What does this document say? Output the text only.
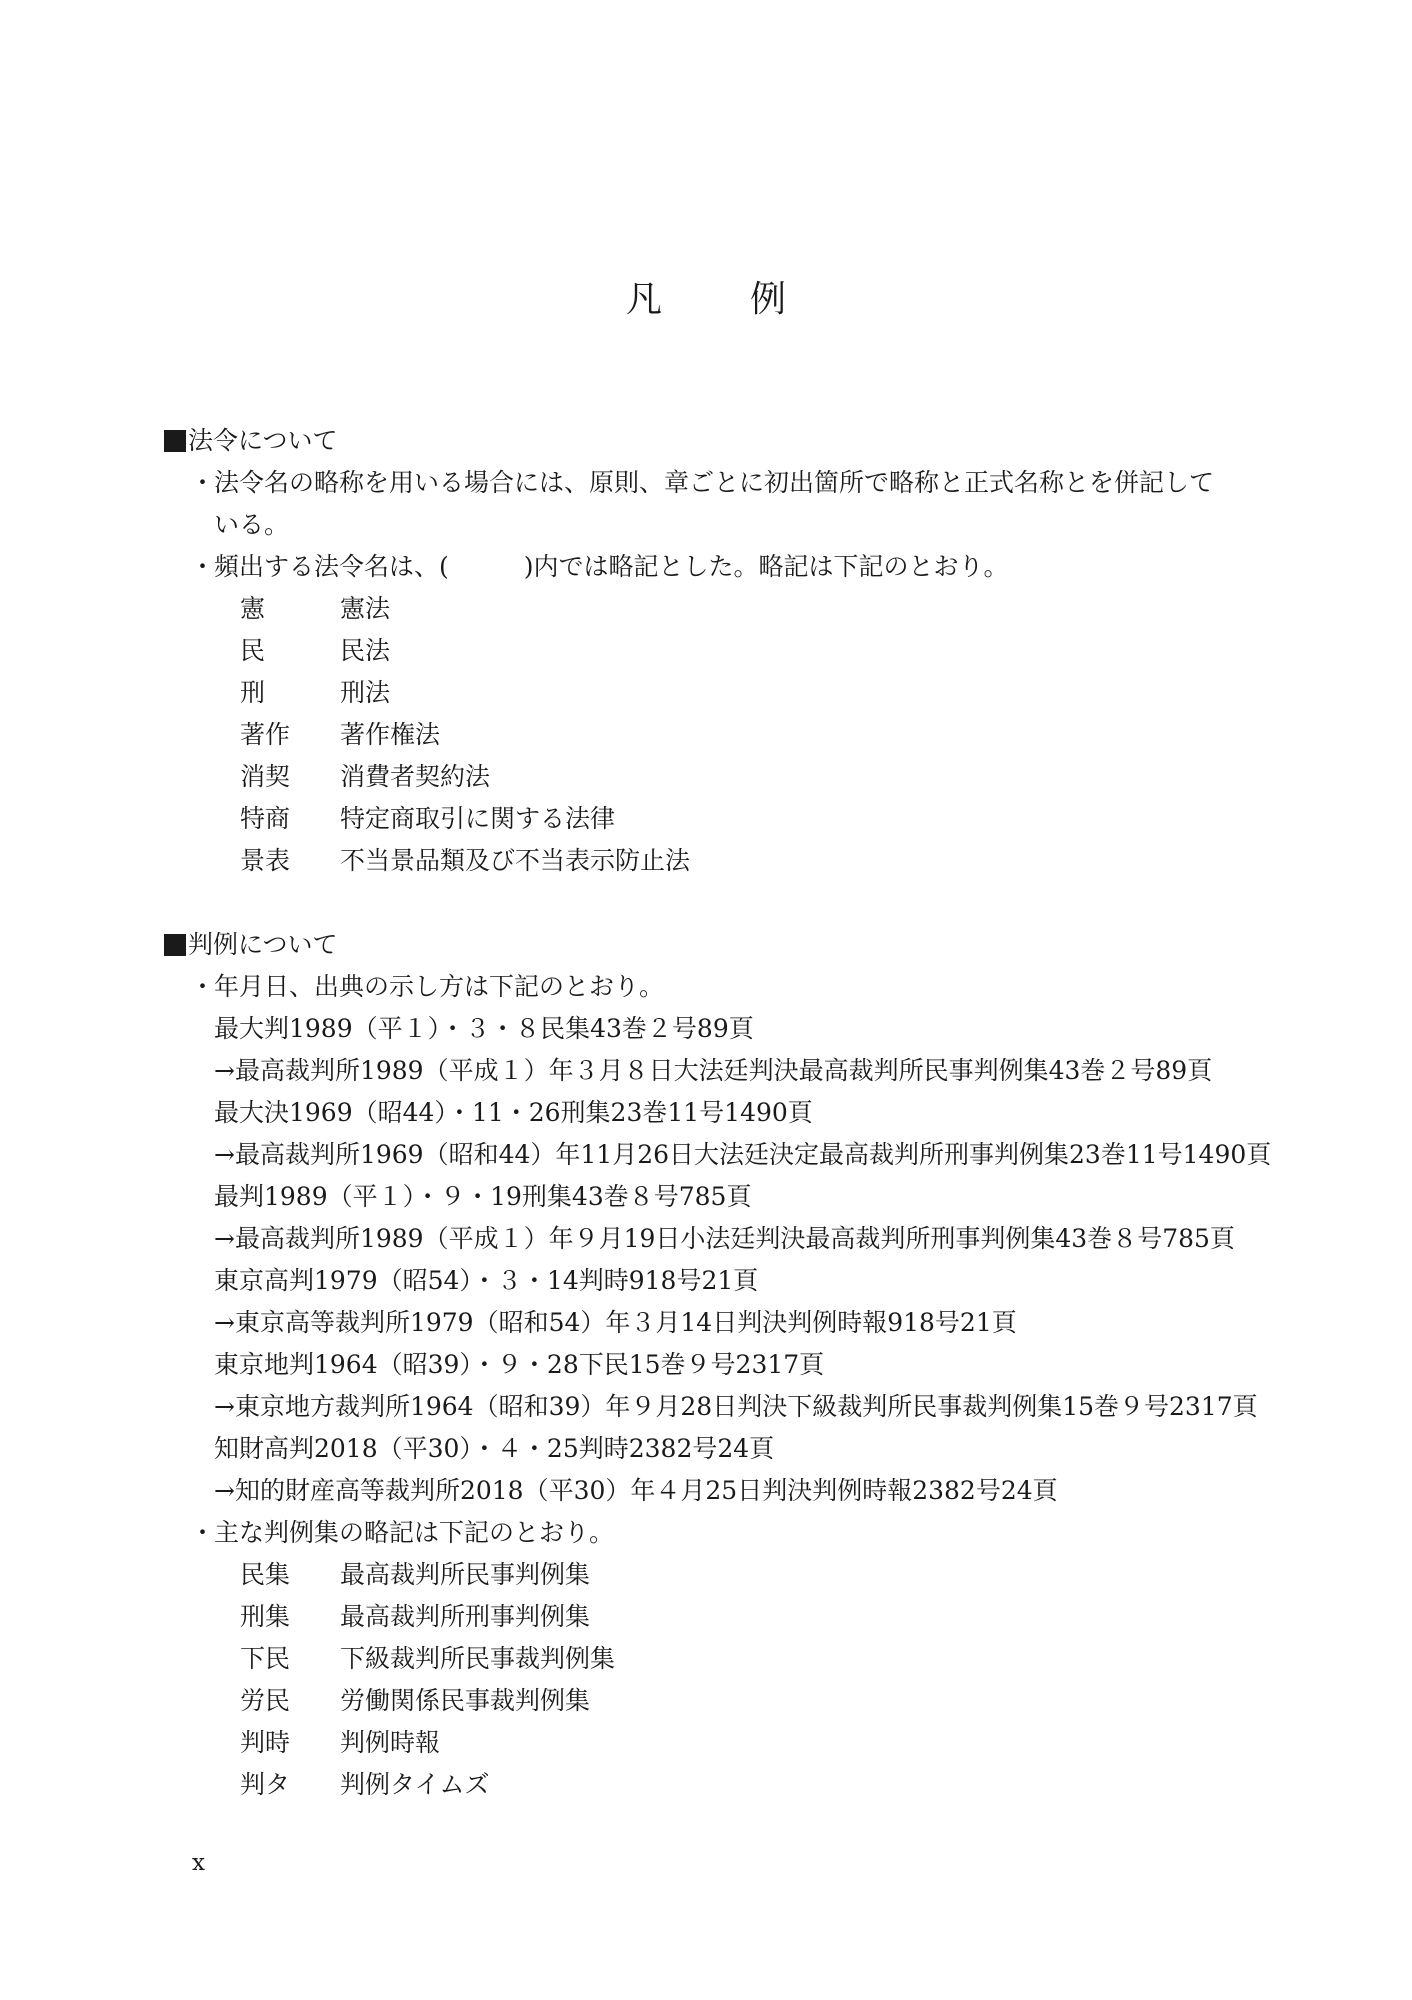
凡　例
法令について
・法令名の略称を用いる場合には、原則、章ごとに初出箇所で略称と正式名称とを併記して
いる。
・頻出する法令名は、(　　　)内では略記とした。略記は下記のとおり。
憲	憲法
民	民法
刑	刑法
著作 著作権法
消契 消費者契約法
特商 特定商取引に関する法律
景表 不当景品類及び不当表示防止法
判例について
・年月日、出典の示し方は下記のとおり。
最大判1989（平１）・３・８民集43巻２号89頁
→最高裁判所1989（平成１）年３月８日大法廷判決最高裁判所民事判例集43巻２号89頁
最大決1969（昭44）・11・26刑集23巻11号1490頁
→最高裁判所1969（昭和44）年11月26日大法廷決定最高裁判所刑事判例集23巻11号1490頁
最判1989（平１）・９・19刑集43巻８号785頁
→最高裁判所1989（平成１）年９月19日小法廷判決最高裁判所刑事判例集43巻８号785頁
東京高判1979（昭54）・３・14判時918号21頁
→東京高等裁判所1979（昭和54）年３月14日判決判例時報918号21頁
東京地判1964（昭39）・９・28下民15巻９号2317頁
→東京地方裁判所1964（昭和39）年９月28日判決下級裁判所民事裁判例集15巻９号2317頁
知財高判2018（平30）・４・25判時2382号24頁
→知的財産高等裁判所2018（平30）年４月25日判決判例時報2382号24頁
・主な判例集の略記は下記のとおり。
民集 最高裁判所民事判例集
刑集 最高裁判所刑事判例集
下民 下級裁判所民事裁判例集
労民 労働関係民事裁判例集
判時 判例時報
判タ 判例タイムズ
x
